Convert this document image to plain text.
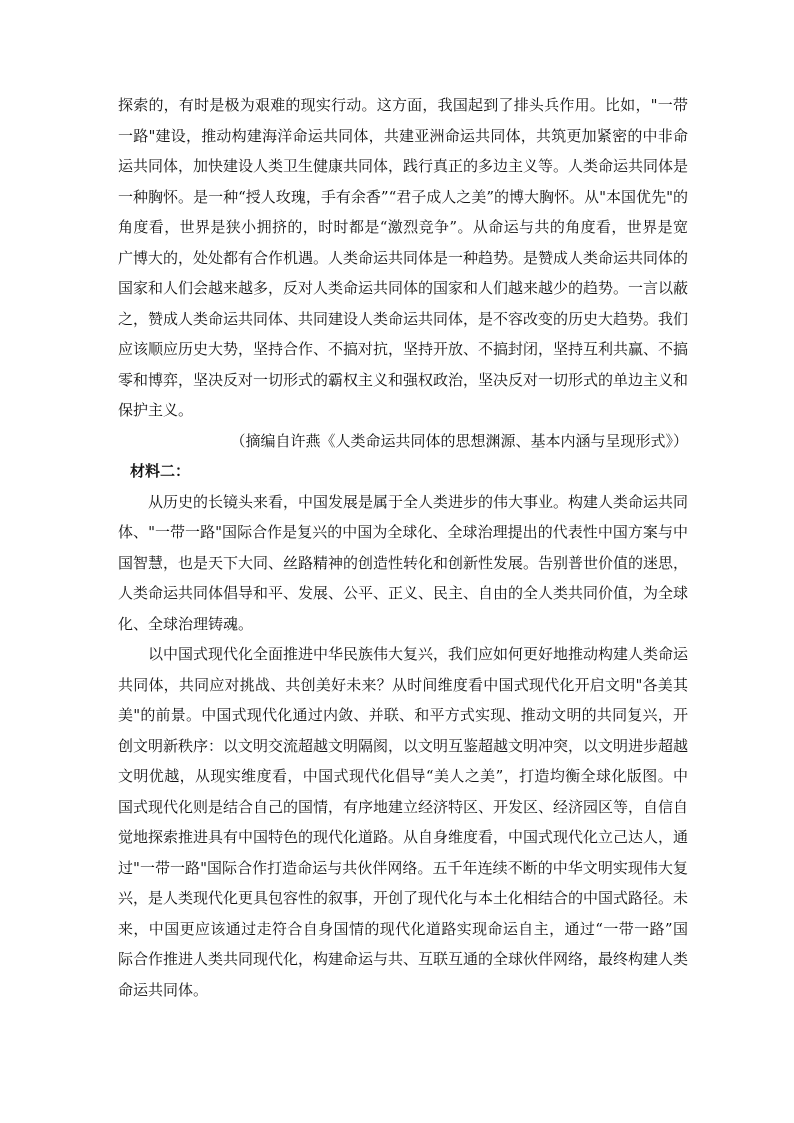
探索的，有时是极为艰难的现实行动。这方面，我国起到了排头兵作用。比如，"一带一路"建设，推动构建海洋命运共同体，共建亚洲命运共同体，共筑更加紧密的中非命运共同体，加快建设人类卫生健康共同体，践行真正的多边主义等。人类命运共同体是一种胸怀。是一种“授人玫瑰，手有余香”“君子成人之美”的博大胸怀。从"本国优先"的角度看，世界是狭小拥挤的，时时都是“激烈竞争”。从命运与共的角度看，世界是宽广博大的，处处都有合作机遇。人类命运共同体是一种趋势。是赞成人类命运共同体的国家和人们会越来越多，反对人类命运共同体的国家和人们越来越少的趋势。一言以蔽之，赞成人类命运共同体、共同建设人类命运共同体，是不容改变的历史大趋势。我们应该顺应历史大势，坚持合作、不搞对抗，坚持开放、不搞封闭，坚持互利共赢、不搞零和博弈，坚决反对一切形式的霸权主义和强权政治，坚决反对一切形式的单边主义和保护主义。

（摘编自许燕《人类命运共同体的思想渊源、基本内涵与呈现形式》）

材料二：

从历史的长镜头来看，中国发展是属于全人类进步的伟大事业。构建人类命运共同体、"一带一路"国际合作是复兴的中国为全球化、全球治理提出的代表性中国方案与中国智慧，也是天下大同、丝路精神的创造性转化和创新性发展。告别普世价值的迷思，人类命运共同体倡导和平、发展、公平、正义、民主、自由的全人类共同价值，为全球化、全球治理铸魂。

以中国式现代化全面推进中华民族伟大复兴，我们应如何更好地推动构建人类命运共同体，共同应对挑战、共创美好未来？从时间维度看中国式现代化开启文明"各美其美"的前景。中国式现代化通过内敛、并联、和平方式实现、推动文明的共同复兴，开创文明新秩序：以文明交流超越文明隔阂，以文明互鉴超越文明冲突，以文明进步超越文明优越，从现实维度看，中国式现代化倡导“美人之美”，打造均衡全球化版图。中国式现代化则是结合自己的国情，有序地建立经济特区、开发区、经济园区等，自信自觉地探索推进具有中国特色的现代化道路。从自身维度看，中国式现代化立己达人，通过"一带一路"国际合作打造命运与共伙伴网络。五千年连续不断的中华文明实现伟大复兴，是人类现代化更具包容性的叙事，开创了现代化与本土化相结合的中国式路径。未来，中国更应该通过走符合自身国情的现代化道路实现命运自主，通过“一带一路”国际合作推进人类共同现代化，构建命运与共、互联互通的全球伙伴网络，最终构建人类命运共同体。
